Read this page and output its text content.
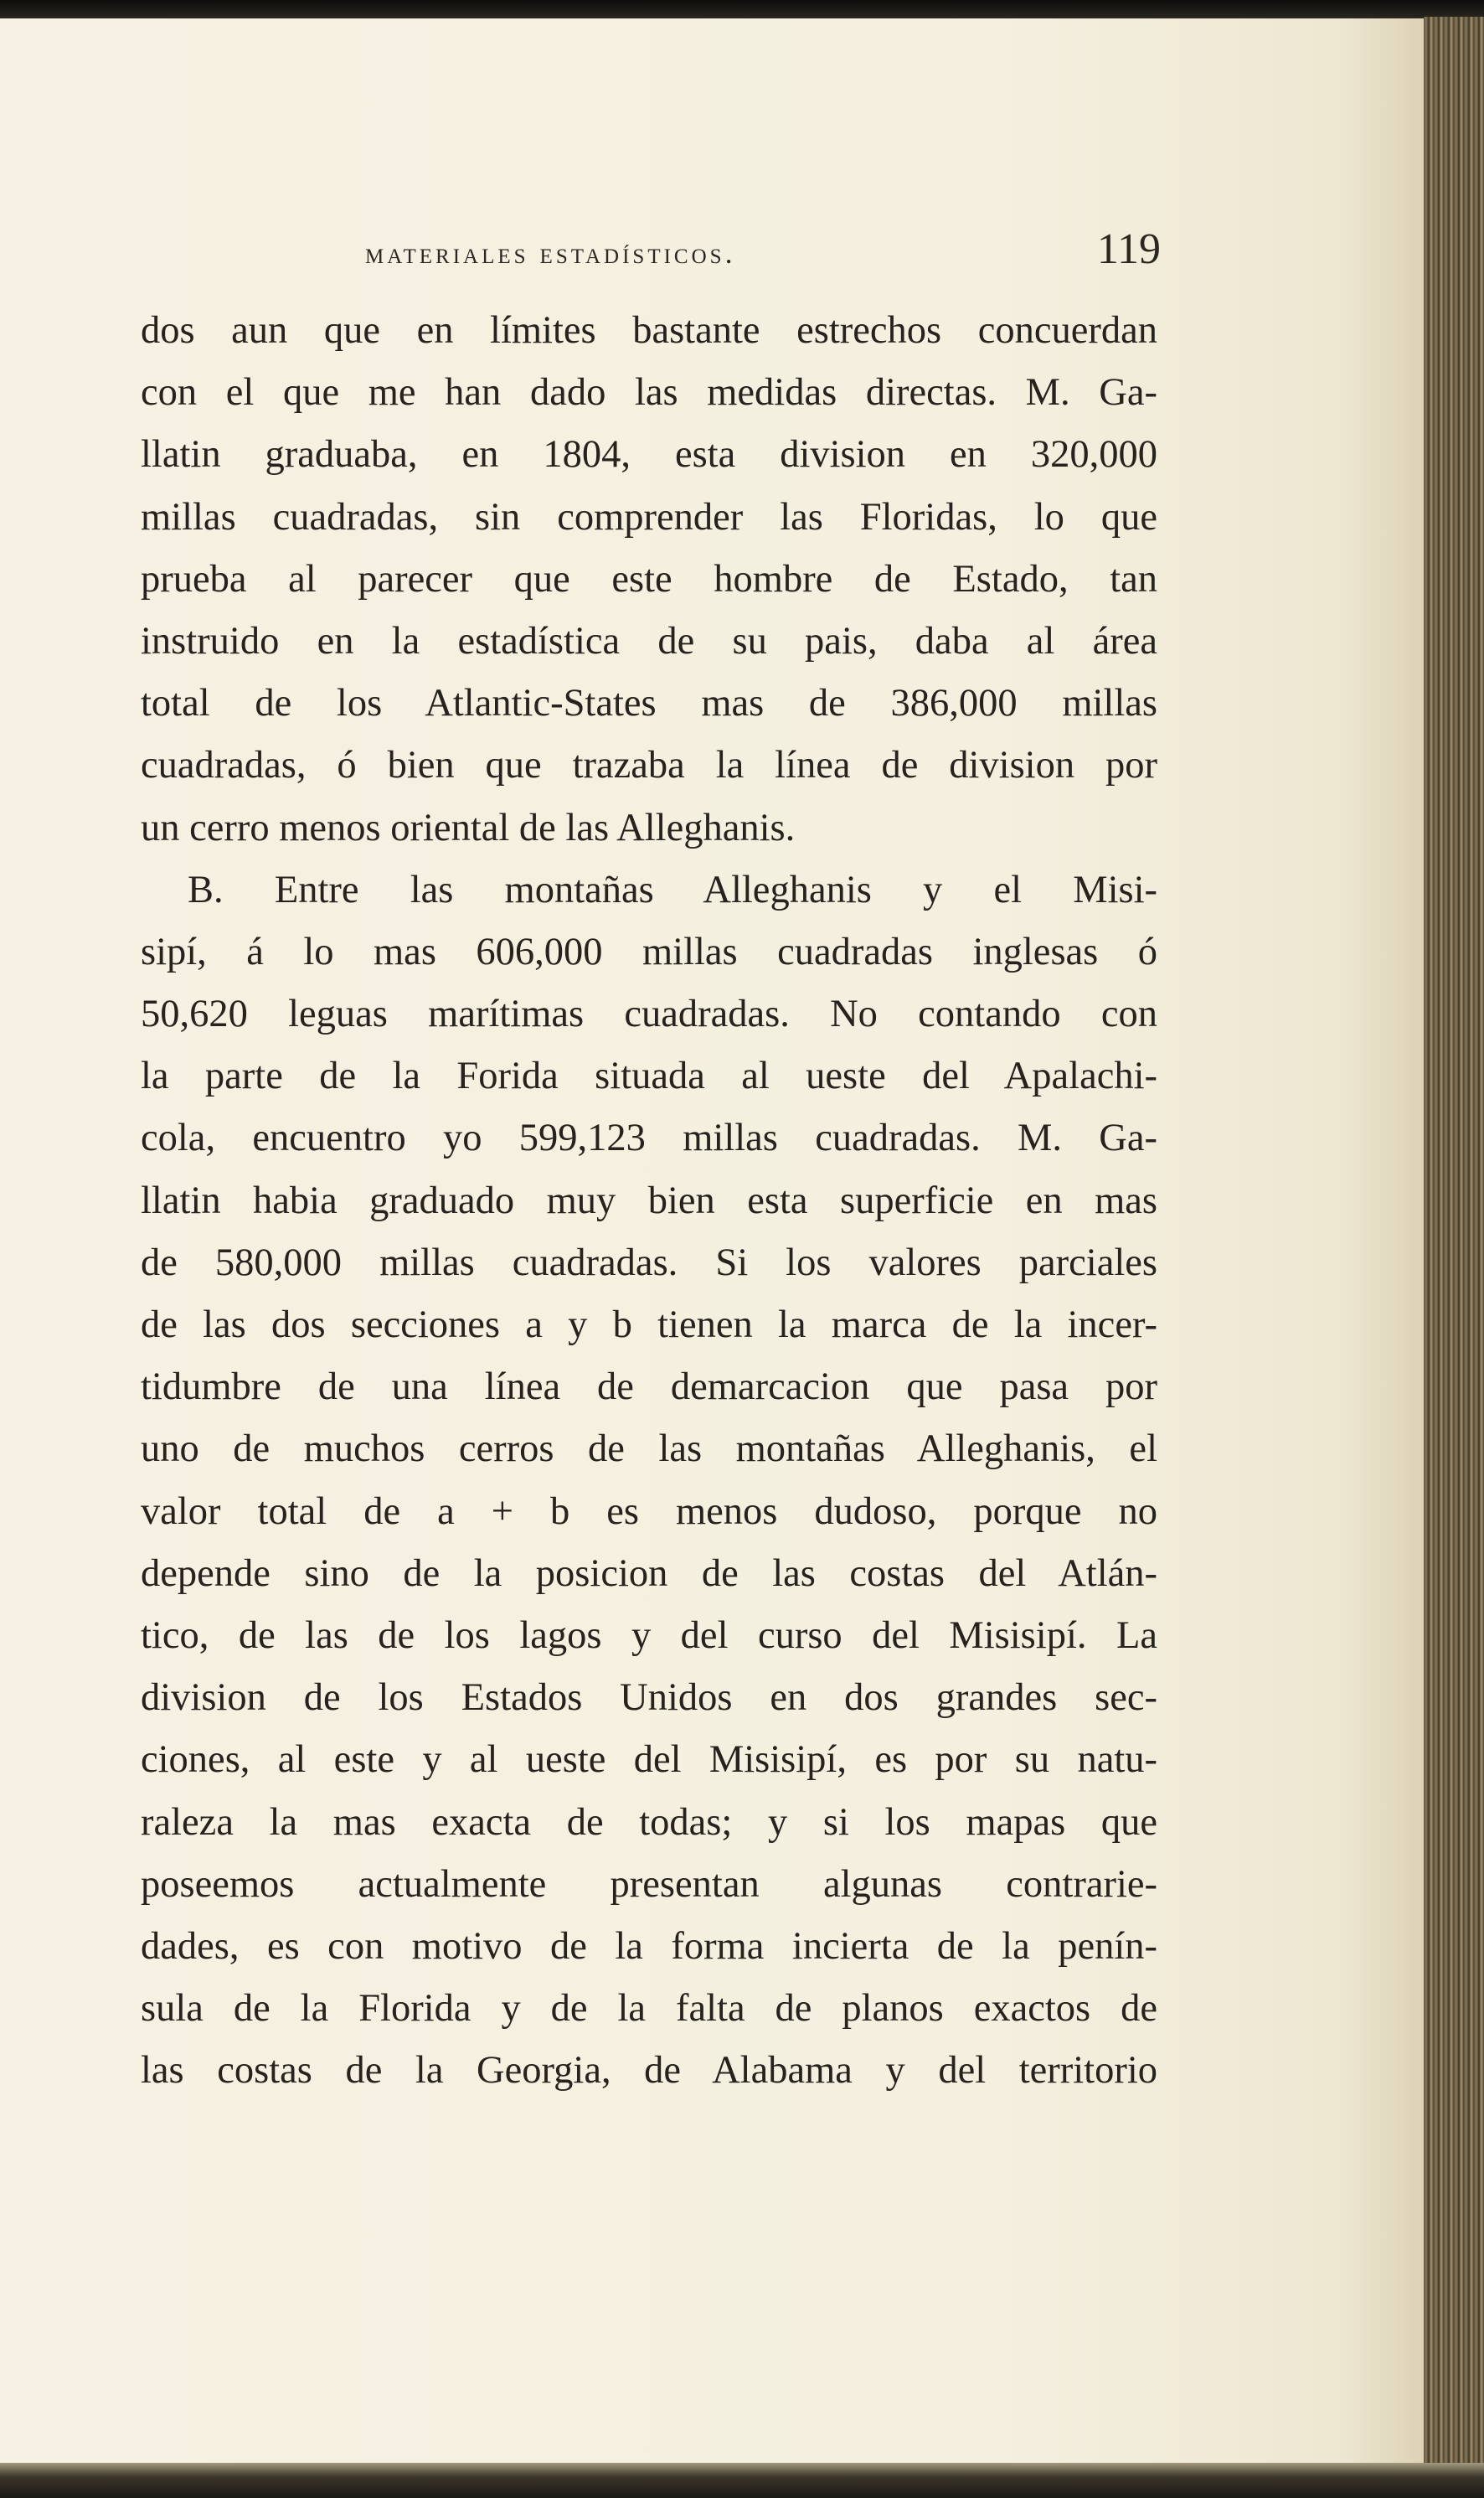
materiales estadísticos.	119
dos aun que en límites bastante estrechos concuerdan
con el que me han dado las medidas directas. M. Ga-
llatin graduaba, en 1804, esta division en 320,000
millas cuadradas, sin comprender las Floridas, lo que
prueba al parecer que este hombre de Estado, tan
instruido en la estadística de su pais, daba al área
total de los Atlantic-States mas de 386,000 millas
cuadradas, ó bien que trazaba la línea de division por
un cerro menos oriental de las Alleghanis.
B. Entre las montañas Alleghanis y el Misi-
sipí, á lo mas 606,000 millas cuadradas inglesas ó
50,620 leguas marítimas cuadradas. No contando con
la parte de la Forida situada al ueste del Apalachi-
cola, encuentro yo 599,123 millas cuadradas. M. Ga-
llatin habia graduado muy bien esta superficie en mas
de 580,000 millas cuadradas. Si los valores parciales
de las dos secciones a y b tienen la marca de la incer-
tidumbre de una línea de demarcacion que pasa por
uno de muchos cerros de las montañas Alleghanis, el
valor total de a + b es menos dudoso, porque no
depende sino de la posicion de las costas del Atlán-
tico, de las de los lagos y del curso del Misisipí. La
division de los Estados Unidos en dos grandes sec-
ciones, al este y al ueste del Misisipí, es por su natu-
raleza la mas exacta de todas; y si los mapas que
poseemos actualmente presentan algunas contrarie-
dades, es con motivo de la forma incierta de la penín-
sula de la Florida y de la falta de planos exactos de
las costas de la Georgia, de Alabama y del territorio
